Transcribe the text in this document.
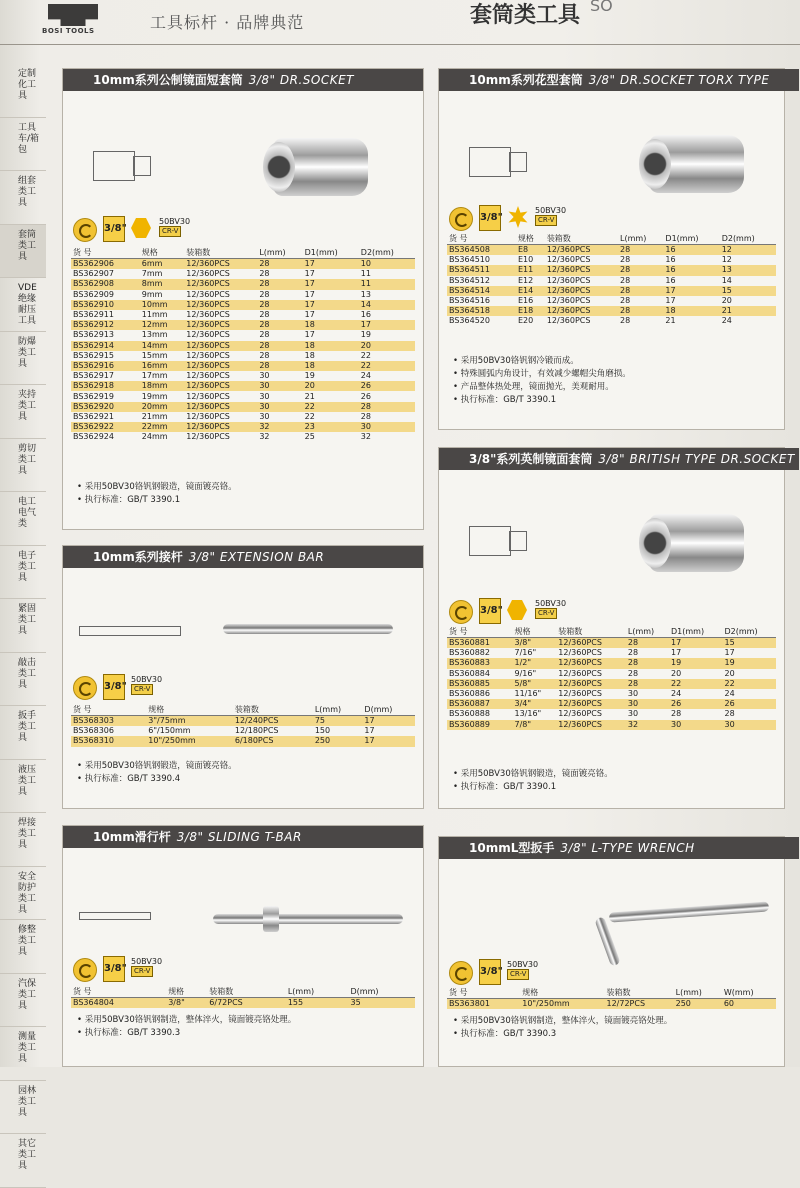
BOSI TOOLS	工具标杆 · 品牌典范	套筒类工具 SO
定制化工具
工具车/箱包
组套类工具
套筒类工具
VDE绝缘耐压工具
防爆类工具
夹持类工具
剪切类工具
电工电气类
电子类工具
紧固类工具
敲击类工具
扳手类工具
液压类工具
焊接类工具
安全防护类工具
修整类工具
汽保类工具
测量类工具
园林类工具
其它类工具
10mm系列公制镜面短套筒 3/8" DR.SOCKET
3/8"
50BV30
CR-V
货 号	规格	装箱数	L(mm)	D1(mm)	D2(mm)
BS362906	6mm	12/360PCS	28	17	10
BS362907	7mm	12/360PCS	28	17	11
BS362908	8mm	12/360PCS	28	17	11
BS362909	9mm	12/360PCS	28	17	13
BS362910	10mm	12/360PCS	28	17	14
BS362911	11mm	12/360PCS	28	17	16
BS362912	12mm	12/360PCS	28	18	17
BS362913	13mm	12/360PCS	28	17	19
BS362914	14mm	12/360PCS	28	18	20
BS362915	15mm	12/360PCS	28	18	22
BS362916	16mm	12/360PCS	28	18	22
BS362917	17mm	12/360PCS	30	19	24
BS362918	18mm	12/360PCS	30	20	26
BS362919	19mm	12/360PCS	30	21	26
BS362920	20mm	12/360PCS	30	22	28
BS362921	21mm	12/360PCS	30	22	28
BS362922	22mm	12/360PCS	32	23	30
BS362924	24mm	12/360PCS	32	25	32
• 采用50BV30铬钒钢锻造，镜面镀亮铬。
• 执行标准：GB/T 3390.1
10mm系列花型套筒 3/8" DR.SOCKET TORX TYPE
3/8"
50BV30
CR-V
货 号	规格	装箱数	L(mm)	D1(mm)	D2(mm)
BS364508	E8	12/360PCS	28	16	12
BS364510	E10	12/360PCS	28	16	12
BS364511	E11	12/360PCS	28	16	13
BS364512	E12	12/360PCS	28	16	14
BS364514	E14	12/360PCS	28	17	15
BS364516	E16	12/360PCS	28	17	20
BS364518	E18	12/360PCS	28	18	21
BS364520	E20	12/360PCS	28	21	24
• 采用50BV30铬钒钢冷锻而成。
• 特殊圆弧内角设计，有效减少螺帽尖角磨损。
• 产品整体热处理，镜面抛光，美观耐用。
• 执行标准：GB/T 3390.1
10mm系列接杆 3/8" EXTENSION BAR
3/8"
50BV30
CR-V
货 号	规格	装箱数	L(mm)	D(mm)
BS368303	3"/75mm	12/240PCS	75	17
BS368306	6"/150mm	12/180PCS	150	17
BS368310	10"/250mm	6/180PCS	250	17
• 采用50BV30铬钒钢锻造，镜面镀亮铬。
• 执行标准：GB/T 3390.4
3/8"系列英制镜面套筒 3/8" BRITISH TYPE DR.SOCKET
3/8"
50BV30
CR-V
货 号	规格	装箱数	L(mm)	D1(mm)	D2(mm)
BS360881	3/8"	12/360PCS	28	17	15
BS360882	7/16"	12/360PCS	28	17	17
BS360883	1/2"	12/360PCS	28	19	19
BS360884	9/16"	12/360PCS	28	20	20
BS360885	5/8"	12/360PCS	28	22	22
BS360886	11/16"	12/360PCS	30	24	24
BS360887	3/4"	12/360PCS	30	26	26
BS360888	13/16"	12/360PCS	30	28	28
BS360889	7/8"	12/360PCS	32	30	30
• 采用50BV30铬钒钢锻造，镜面镀亮铬。
• 执行标准：GB/T 3390.1
10mm滑行杆 3/8" SLIDING T-BAR
3/8"
50BV30
CR-V
货 号	规格	装箱数	L(mm)	D(mm)
BS364804	3/8"	6/72PCS	155	35
• 采用50BV30铬钒钢制造，整体淬火，镜面镀亮铬处理。
• 执行标准：GB/T 3390.3
10mmL型扳手 3/8" L-TYPE WRENCH
3/8"
50BV30
CR-V
货 号	规格	装箱数	L(mm)	W(mm)
BS363801	10"/250mm	12/72PCS	250	60
• 采用50BV30铬钒钢制造，整体淬火，镜面镀亮铬处理。
• 执行标准：GB/T 3390.3
